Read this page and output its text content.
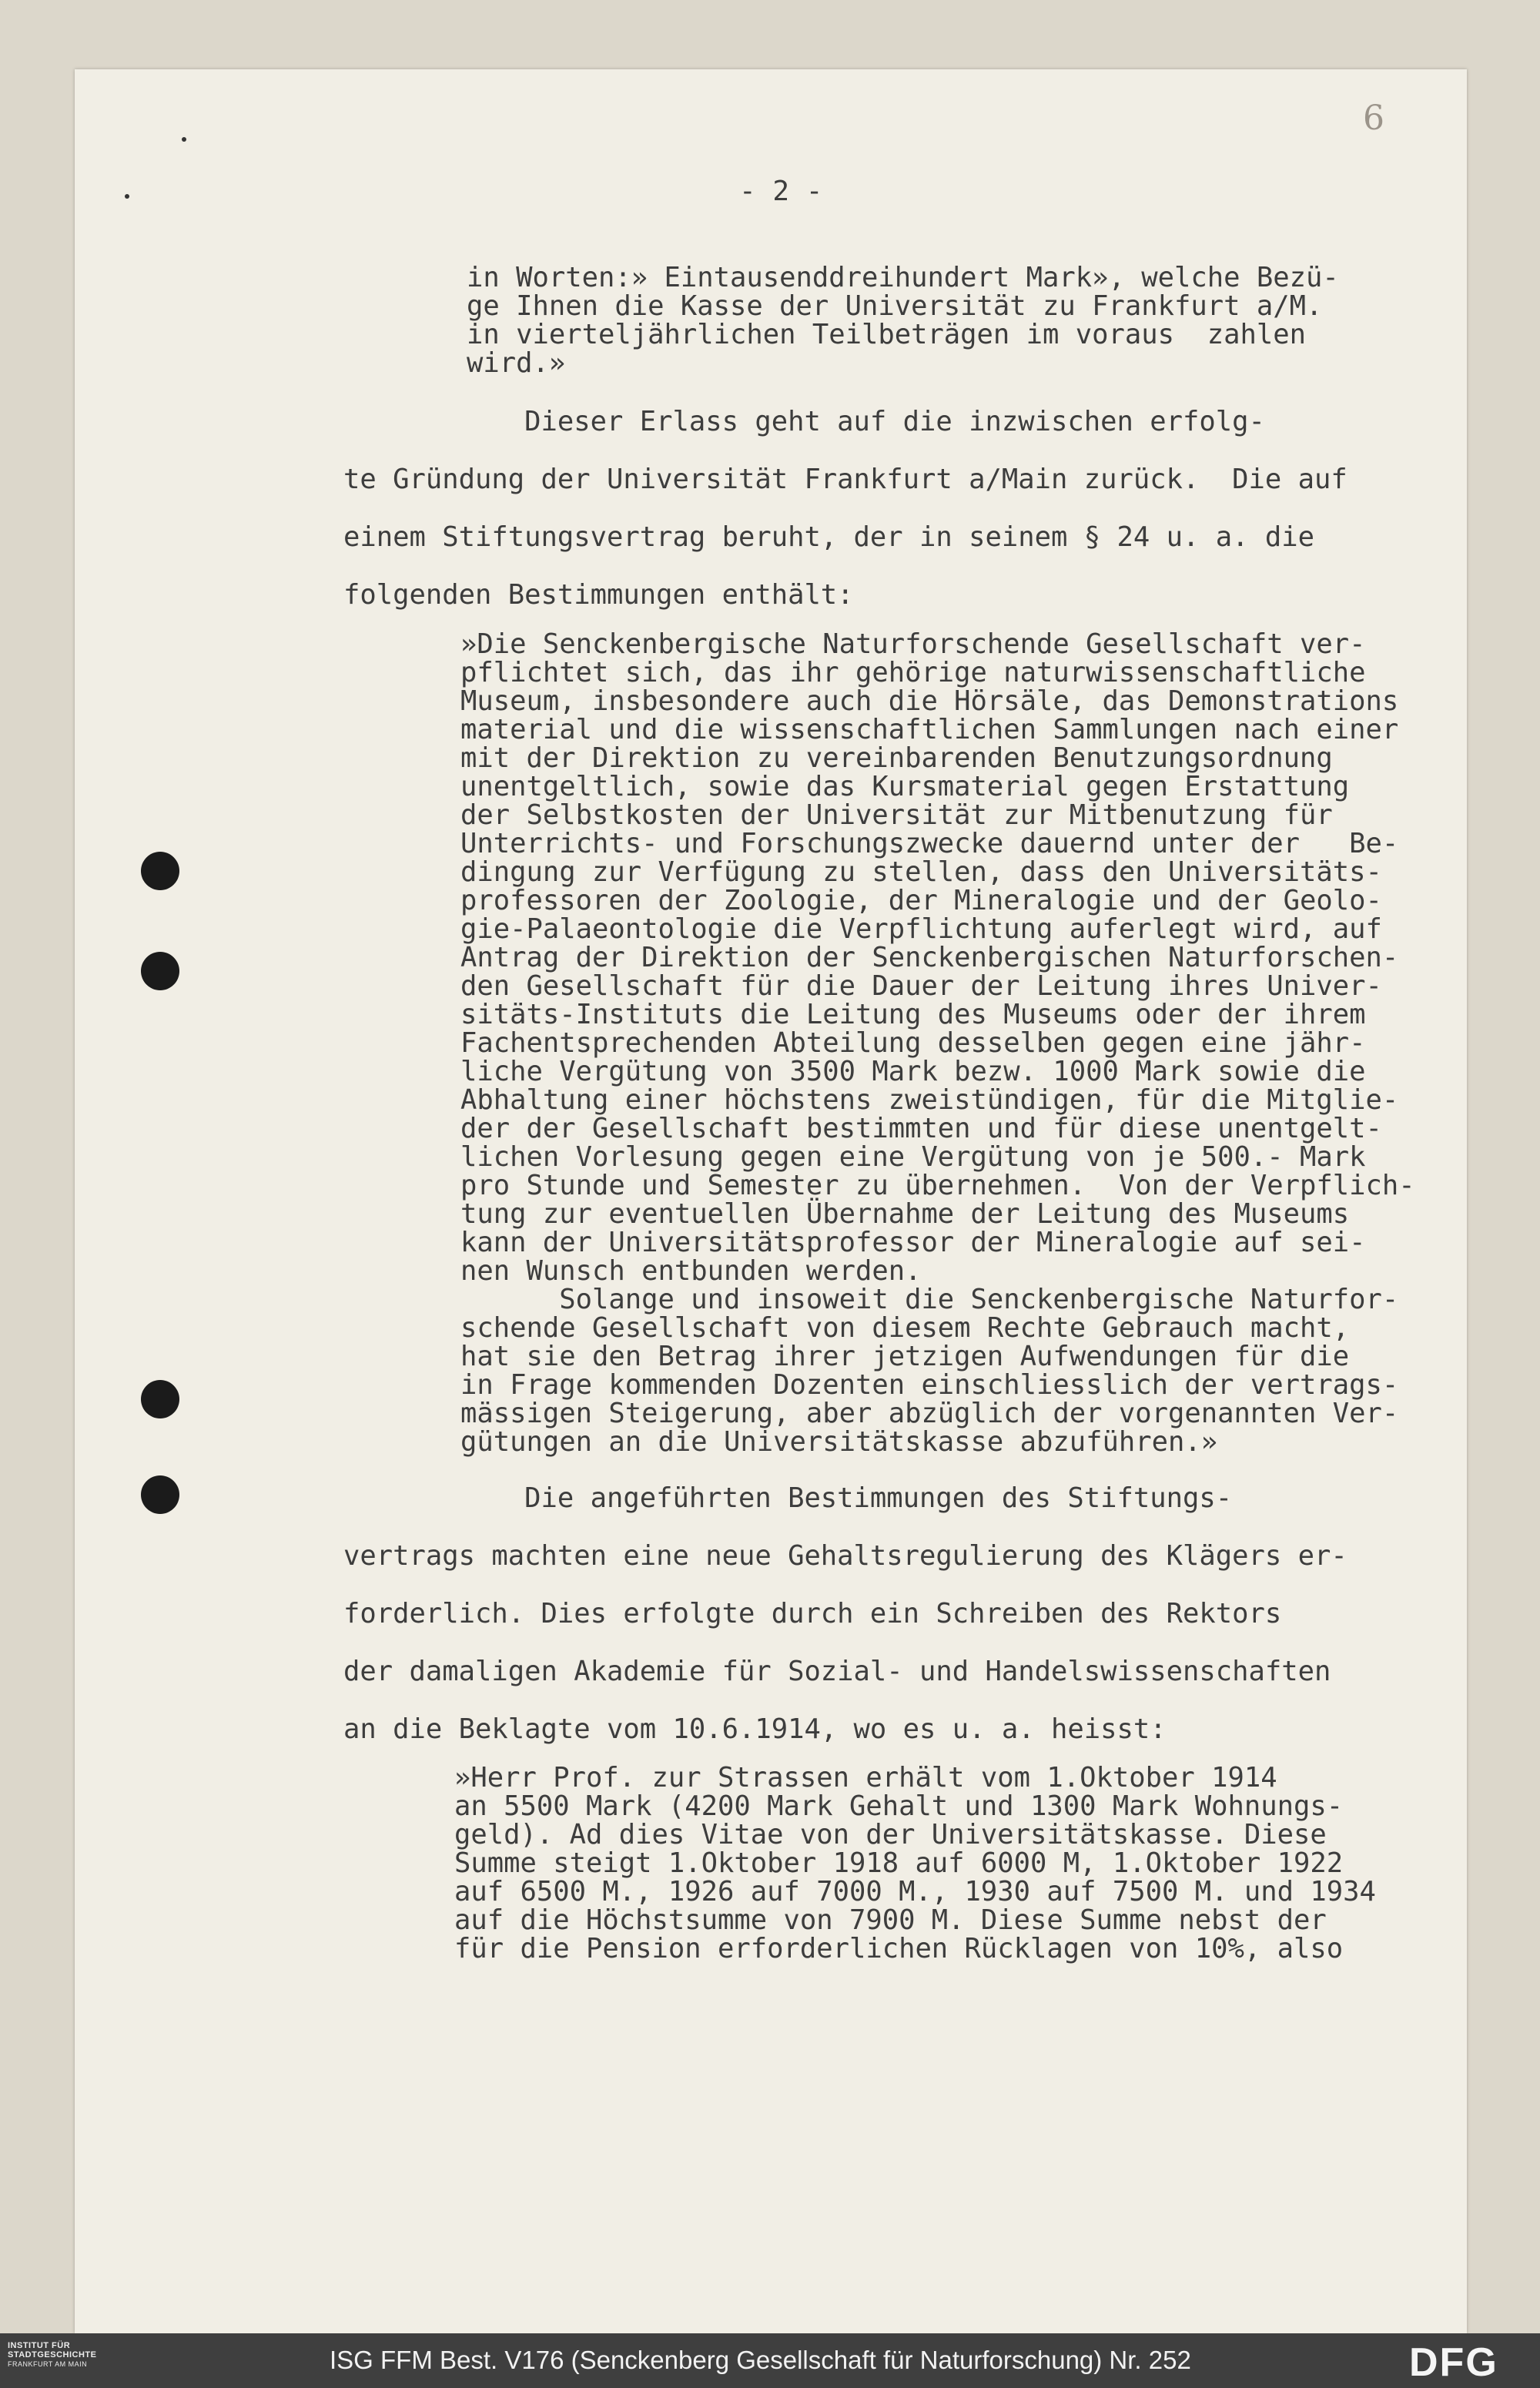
6
- 2 -
in Worten:» Eintausenddreihundert Mark», welche Bezü-
ge Ihnen die Kasse der Universität zu Frankfurt a/M.
in vierteljährlichen Teilbeträgen im voraus  zahlen
wird.»
Dieser Erlass geht auf die inzwischen erfolg-
te Gründung der Universität Frankfurt a/Main zurück.  Die auf
einem Stiftungsvertrag beruht, der in seinem § 24 u. a. die
folgenden Bestimmungen enthält:
»Die Senckenbergische Naturforschende Gesellschaft ver-
pflichtet sich, das ihr gehörige naturwissenschaftliche
Museum, insbesondere auch die Hörsäle, das Demonstrations
material und die wissenschaftlichen Sammlungen nach einer
mit der Direktion zu vereinbarenden Benutzungsordnung
unentgeltlich, sowie das Kursmaterial gegen Erstattung
der Selbstkosten der Universität zur Mitbenutzung für
Unterrichts- und Forschungszwecke dauernd unter der   Be-
dingung zur Verfügung zu stellen, dass den Universitäts-
professoren der Zoologie, der Mineralogie und der Geolo-
gie-Palaeontologie die Verpflichtung auferlegt wird, auf
Antrag der Direktion der Senckenbergischen Naturforschen-
den Gesellschaft für die Dauer der Leitung ihres Univer-
sitäts-Instituts die Leitung des Museums oder der ihrem
Fachentsprechenden Abteilung desselben gegen eine jähr-
liche Vergütung von 3500 Mark bezw. 1000 Mark sowie die
Abhaltung einer höchstens zweistündigen, für die Mitglie-
der der Gesellschaft bestimmten und für diese unentgelt-
lichen Vorlesung gegen eine Vergütung von je 500.- Mark
pro Stunde und Semester zu übernehmen.  Von der Verpflich-
tung zur eventuellen Übernahme der Leitung des Museums
kann der Universitätsprofessor der Mineralogie auf sei-
nen Wunsch entbunden werden.
Solange und insoweit die Senckenbergische Naturfor-
schende Gesellschaft von diesem Rechte Gebrauch macht,
hat sie den Betrag ihrer jetzigen Aufwendungen für die
in Frage kommenden Dozenten einschliesslich der vertrags-
mässigen Steigerung, aber abzüglich der vorgenannten Ver-
gütungen an die Universitätskasse abzuführen.»
Die angeführten Bestimmungen des Stiftungs-
vertrags machten eine neue Gehaltsregulierung des Klägers er-
forderlich. Dies erfolgte durch ein Schreiben des Rektors
der damaligen Akademie für Sozial- und Handelswissenschaften
an die Beklagte vom 10.6.1914, wo es u. a. heisst:
»Herr Prof. zur Strassen erhält vom 1.Oktober 1914
an 5500 Mark (4200 Mark Gehalt und 1300 Mark Wohnungs-
geld). Ad dies Vitae von der Universitätskasse. Diese
Summe steigt 1.Oktober 1918 auf 6000 M, 1.Oktober 1922
auf 6500 M., 1926 auf 7000 M., 1930 auf 7500 M. und 1934
auf die Höchstsumme von 7900 M. Diese Summe nebst der
für die Pension erforderlichen Rücklagen von 10%, also
INSTITUT FÜR
STADTGESCHICHTE
FRANKFURT AM MAIN	ISG FFM Best. V176 (Senckenberg Gesellschaft für Naturforschung) Nr. 252	DFG
